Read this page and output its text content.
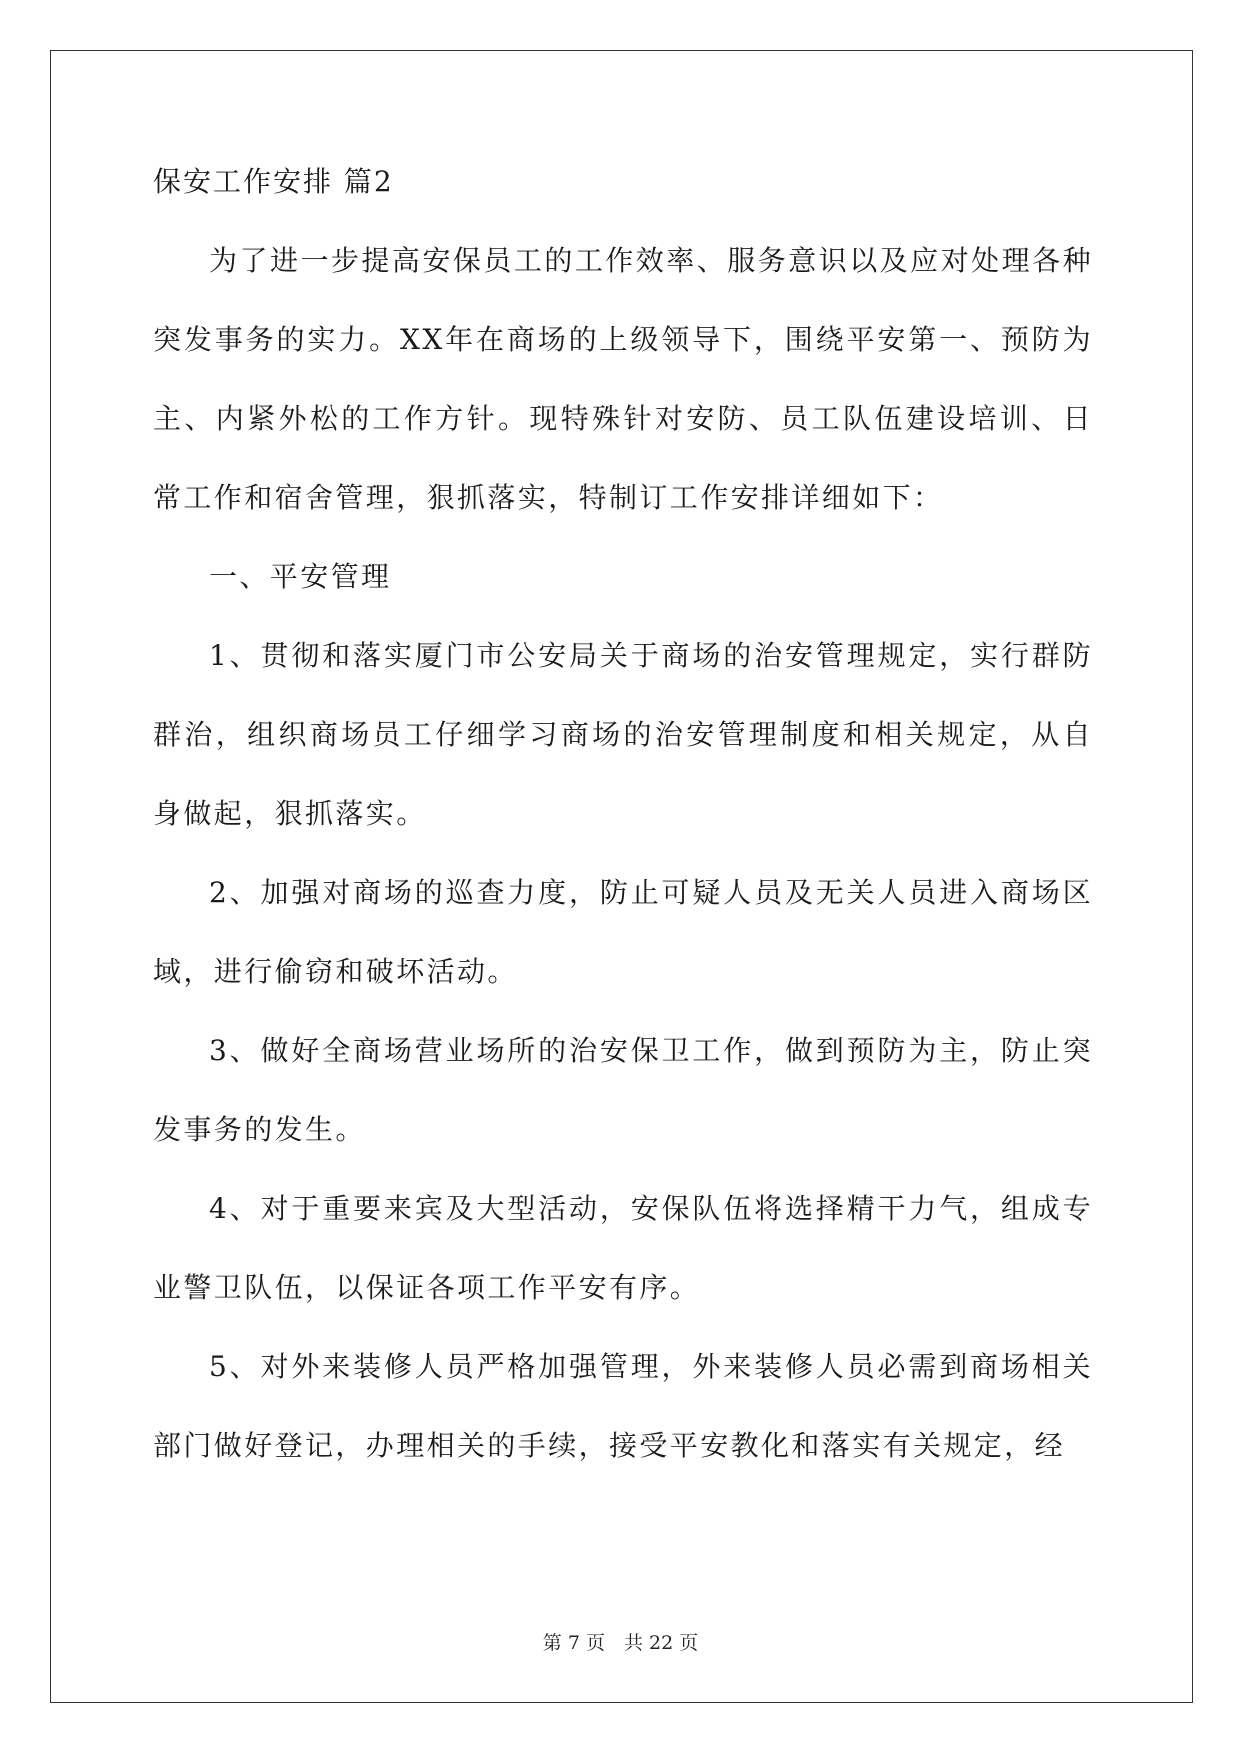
保安工作安排 篇2

为了进一步提高安保员工的工作效率、服务意识以及应对处理各种突发事务的实力。XX年在商场的上级领导下，围绕平安第一、预防为主、内紧外松的工作方针。现特殊针对安防、员工队伍建设培训、日常工作和宿舍管理，狠抓落实，特制订工作安排详细如下：

一、平安管理

1、贯彻和落实厦门市公安局关于商场的治安管理规定，实行群防群治，组织商场员工仔细学习商场的治安管理制度和相关规定，从自身做起，狠抓落实。

2、加强对商场的巡查力度，防止可疑人员及无关人员进入商场区域，进行偷窃和破坏活动。

3、做好全商场营业场所的治安保卫工作，做到预防为主，防止突发事务的发生。

4、对于重要来宾及大型活动，安保队伍将选择精干力气，组成专业警卫队伍，以保证各项工作平安有序。

5、对外来装修人员严格加强管理，外来装修人员必需到商场相关部门做好登记，办理相关的手续，接受平安教化和落实有关规定，经

第 7 页　共 22 页
